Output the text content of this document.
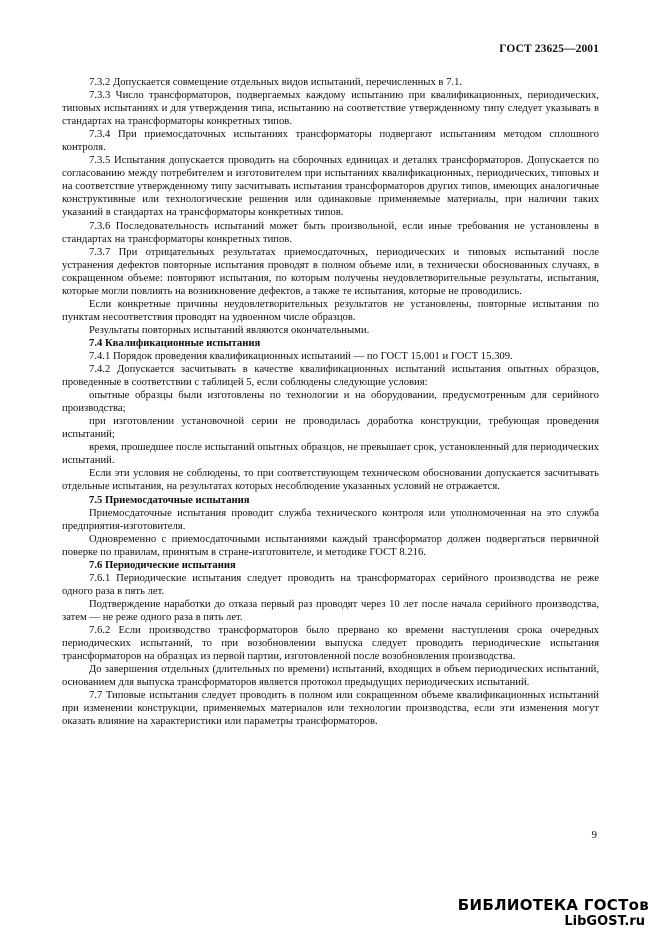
ГОСТ 23625—2001

7.3.2 Допускается совмещение отдельных видов испытаний, перечисленных в 7.1.

7.3.3 Число трансформаторов, подвергаемых каждому испытанию при квалификационных, периодических, типовых испытаниях и для утверждения типа, испытанию на соответствие утвержденному типу следует указывать в стандартах на трансформаторы конкретных типов.

7.3.4 При приемосдаточных испытаниях трансформаторы подвергают испытаниям методом сплошного контроля.

7.3.5 Испытания допускается проводить на сборочных единицах и деталях трансформаторов. Допускается по согласованию между потребителем и изготовителем при испытаниях квалификационных, периодических, типовых и на соответствие утвержденному типу засчитывать испытания трансформаторов других типов, имеющих аналогичные конструктивные или технологические решения или одинаковые применяемые материалы, при наличии таких указаний в стандартах на трансформаторы конкретных типов.

7.3.6 Последовательность испытаний может быть произвольной, если иные требования не установлены в стандартах на трансформаторы конкретных типов.

7.3.7 При отрицательных результатах приемосдаточных, периодических и типовых испытаний после устранения дефектов повторные испытания проводят в полном объеме или, в технически обоснованных случаях, в сокращенном объеме: повторяют испытания, по которым получены неудовлетворительные результаты, испытания, которые могли повлиять на возникновение дефектов, а также те испытания, которые не проводились.

Если конкретные причины неудовлетворительных результатов не установлены, повторные испытания по пунктам несоответствия проводят на удвоенном числе образцов.

Результаты повторных испытаний являются окончательными.

7.4 Квалификационные испытания

7.4.1 Порядок проведения квалификационных испытаний — по ГОСТ 15.001 и ГОСТ 15.309.

7.4.2 Допускается засчитывать в качестве квалификационных испытаний испытания опытных образцов, проведенные в соответствии с таблицей 5, если соблюдены следующие условия:

опытные образцы были изготовлены по технологии и на оборудовании, предусмотренным для серийного производства;

при изготовлении установочной серии не проводилась доработка конструкции, требующая проведения испытаний;

время, прошедшее после испытаний опытных образцов, не превышает срок, установленный для периодических испытаний.

Если эти условия не соблюдены, то при соответствующем техническом обосновании допускается засчитывать отдельные испытания, на результатах которых несоблюдение указанных условий не отражается.

7.5 Приемосдаточные испытания

Приемосдаточные испытания проводит служба технического контроля или уполномоченная на это служба предприятия-изготовителя.

Одновременно с приемосдаточными испытаниями каждый трансформатор должен подвергаться первичной поверке по правилам, принятым в стране-изготовителе, и методике ГОСТ 8.216.

7.6 Периодические испытания

7.6.1 Периодические испытания следует проводить на трансформаторах серийного производства не реже одного раза в пять лет.

Подтверждение наработки до отказа первый раз проводят через 10 лет после начала серийного производства, затем — не реже одного раза в пять лет.

7.6.2 Если производство трансформаторов было прервано ко времени наступления срока очередных периодических испытаний, то при возобновлении выпуска следует проводить периодические испытания трансформаторов на образцах из первой партии, изготовленной после возобновления производства.

До завершения отдельных (длительных по времени) испытаний, входящих в объем периодических испытаний, основанием для выпуска трансформаторов является протокол предыдущих периодических испытаний.

7.7 Типовые испытания следует проводить в полном или сокращенном объеме квалификационных испытаний при изменении конструкции, применяемых материалов или технологии производства, если эти изменения могут оказать влияние на характеристики или параметры трансформаторов.

9
БИБЛИОТЕКА ГОСТов
LibGOST.ru
